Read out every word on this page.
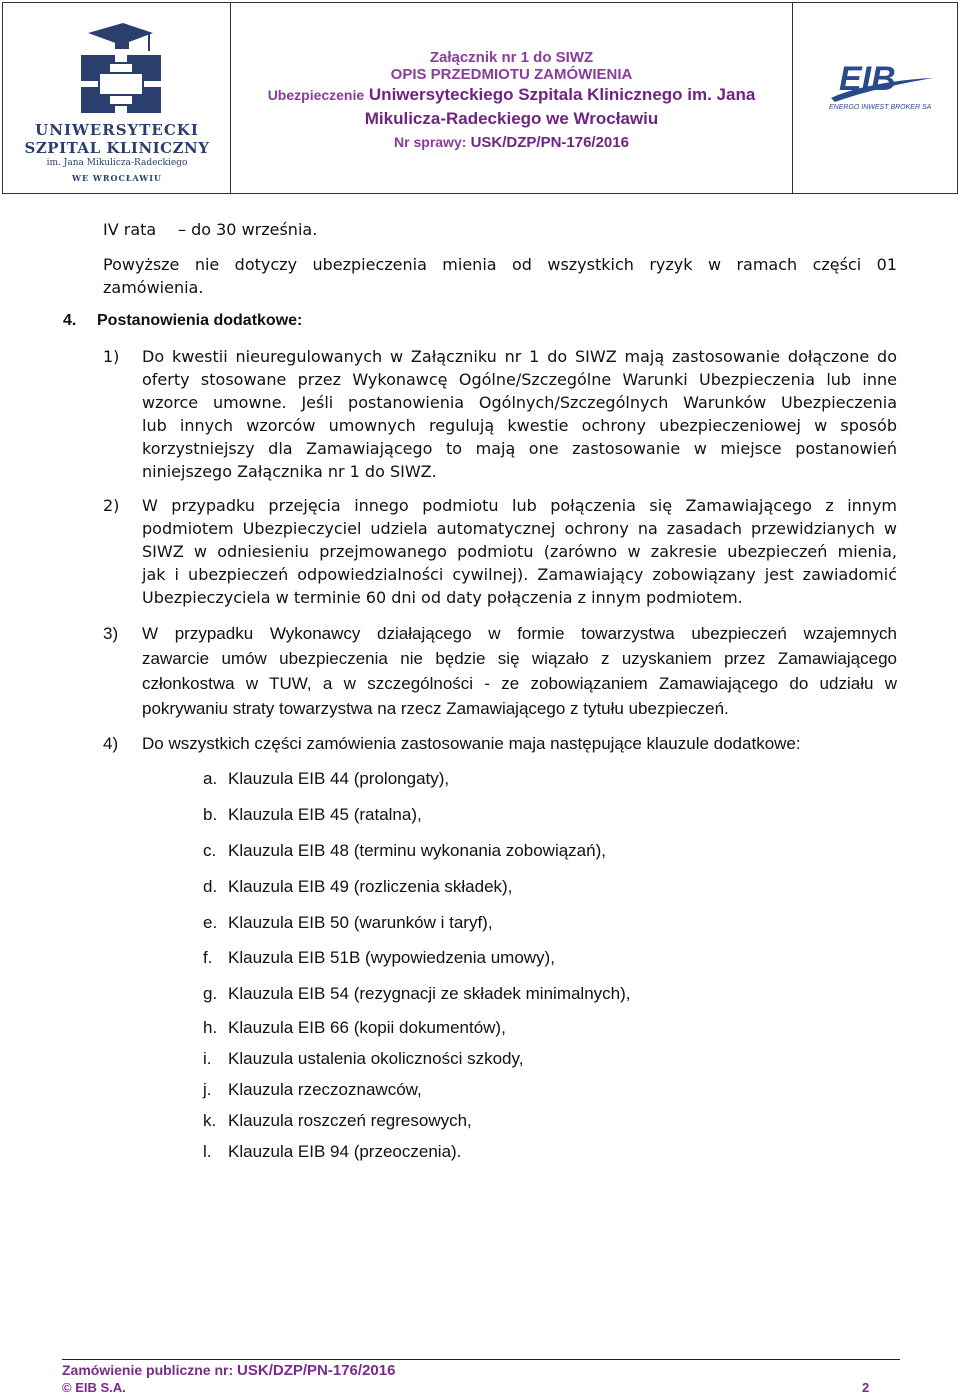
UNIWERSYTECKI
SZPITAL KLINICZNY
im. Jana Mikulicza-Radeckiego
WE WROCŁAWIU
Załącznik nr 1 do SIWZ
OPIS PRZEDMIOTU ZAMÓWIENIA
Ubezpieczenie Uniwersyteckiego Szpitala Klinicznego im. Jana
Mikulicza-Radeckiego we Wrocławiu
Nr sprawy: USK/DZP/PN-176/2016
EIB
ENERGO INWEST BROKER SA
IV rata – do 30 września.
Powyższe nie dotyczy ubezpieczenia mienia od wszystkich ryzyk w ramach części 01
zamówienia.
4. Postanowienia dodatkowe:
1) Do kwestii nieuregulowanych w Załączniku nr 1 do SIWZ mają zastosowanie dołączone do
oferty stosowane przez Wykonawcę Ogólne/Szczególne Warunki Ubezpieczenia lub inne
wzorce umowne. Jeśli postanowienia Ogólnych/Szczególnych Warunków Ubezpieczenia
lub innych wzorców umownych regulują kwestie ochrony ubezpieczeniowej w sposób
korzystniejszy dla Zamawiającego to mają one zastosowanie w miejsce postanowień
niniejszego Załącznika nr 1 do SIWZ.
2) W przypadku przejęcia innego podmiotu lub połączenia się Zamawiającego z innym
podmiotem Ubezpieczyciel udziela automatycznej ochrony na zasadach przewidzianych w
SIWZ w odniesieniu przejmowanego podmiotu (zarówno w zakresie ubezpieczeń mienia,
jak i ubezpieczeń odpowiedzialności cywilnej). Zamawiający zobowiązany jest zawiadomić
Ubezpieczyciela w terminie 60 dni od daty połączenia z innym podmiotem.
3) W przypadku Wykonawcy działającego w formie towarzystwa ubezpieczeń wzajemnych
zawarcie umów ubezpieczenia nie będzie się wiązało z uzyskaniem przez Zamawiającego
członkostwa w TUW, a w szczególności - ze zobowiązaniem Zamawiającego do udziału w
pokrywaniu straty towarzystwa na rzecz Zamawiającego z tytułu ubezpieczeń.
4) Do wszystkich części zamówienia zastosowanie maja następujące klauzule dodatkowe:
a. Klauzula EIB 44 (prolongaty),
b. Klauzula EIB 45 (ratalna),
c. Klauzula EIB 48 (terminu wykonania zobowiązań),
d. Klauzula EIB 49 (rozliczenia składek),
e. Klauzula EIB 50 (warunków i taryf),
f. Klauzula EIB 51B (wypowiedzenia umowy),
g. Klauzula EIB 54 (rezygnacji ze składek minimalnych),
h. Klauzula EIB 66 (kopii dokumentów),
i. Klauzula ustalenia okoliczności szkody,
j. Klauzula rzeczoznawców,
k. Klauzula roszczeń regresowych,
l. Klauzula EIB 94 (przeoczenia).
Zamówienie publiczne nr: USK/DZP/PN-176/2016
© EIB S.A.	2
